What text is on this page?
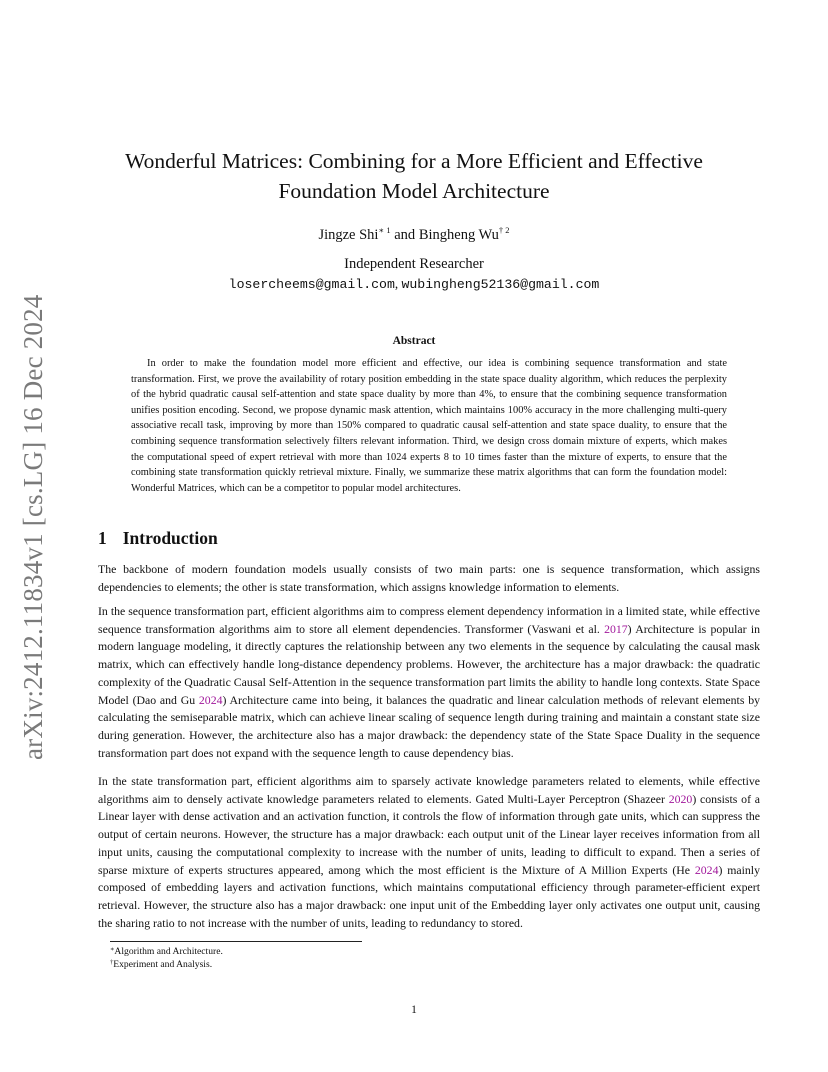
arXiv:2412.11834v1 [cs.LG] 16 Dec 2024
Wonderful Matrices: Combining for a More Efficient and Effective
Foundation Model Architecture
Jingze Shi$^{∗ 1}$ and Bingheng Wu$^{\dagger 2}$
Independent Researcher
losercheems@gmail.com, wubingheng52136@gmail.com
Abstract

In order to make the foundation model more efficient and effective, our idea is combining sequence transformation and state transformation. First, we prove the availability of rotary position embedding in the state space duality algorithm, which reduces the perplexity of the hybrid quadratic causal self-attention and state space duality by more than 4%, to ensure that the combining sequence transformation unifies position encoding. Second, we propose dynamic mask attention, which maintains 100% accuracy in the more challenging multi-query associative recall task, improving by more than 150% compared to quadratic causal self-attention and state space duality, to ensure that the combining sequence transformation selectively filters relevant information. Third, we design cross domain mixture of experts, which makes the computational speed of expert retrieval with more than 1024 experts 8 to 10 times faster than the mixture of experts, to ensure that the combining state transformation quickly retrieval mixture. Finally, we summarize these matrix algorithms that can form the foundation model: Wonderful Matrices, which can be a competitor to popular model architectures.

1 Introduction

The backbone of modern foundation models usually consists of two main parts: one is sequence transformation, which assigns dependencies to elements; the other is state transformation, which assigns knowledge information to elements.

In the sequence transformation part, efficient algorithms aim to compress element dependency information in a limited state, while effective sequence transformation algorithms aim to store all element dependencies. Transformer (Vaswani et al. 2017) Architecture is popular in modern language modeling, it directly captures the relationship between any two elements in the sequence by calculating the causal mask matrix, which can effectively handle long-distance dependency problems. However, the architecture has a major drawback: the quadratic complexity of the Quadratic Causal Self-Attention in the sequence transformation part limits the ability to handle long contexts. State Space Model (Dao and Gu 2024) Architecture came into being, it balances the quadratic and linear calculation methods of relevant elements by calculating the semiseparable matrix, which can achieve linear scaling of sequence length during training and maintain a constant state size during generation. However, the architecture also has a major drawback: the dependency state of the State Space Duality in the sequence transformation part does not expand with the sequence length to cause dependency bias.

In the state transformation part, efficient algorithms aim to sparsely activate knowledge parameters related to elements, while effective algorithms aim to densely activate knowledge parameters related to elements. Gated Multi-Layer Perceptron (Shazeer 2020) consists of a Linear layer with dense activation and an activation function, it controls the flow of information through gate units, which can suppress the output of certain neurons. However, the structure has a major drawback: each output unit of the Linear layer receives information from all input units, causing the computational complexity to increase with the number of units, leading to difficult to expand. Then a series of sparse mixture of experts structures appeared, among which the most efficient is the Mixture of A Million Experts (He 2024) mainly composed of embedding layers and activation functions, which maintains computational efficiency through parameter-efficient expert retrieval. However, the structure also has a major drawback: one input unit of the Embedding layer only activates one output unit, causing the sharing ratio to not increase with the number of units, leading to redundancy to stored.

∗Algorithm and Architecture.
†Experiment and Analysis.
1
